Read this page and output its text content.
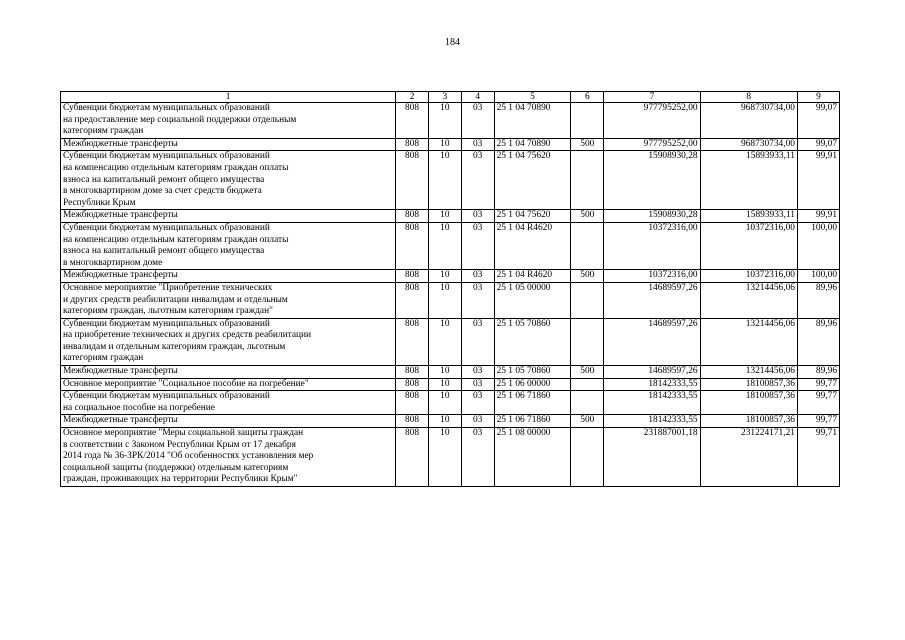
184
1	2	3	4	5	6	7	8	9
Субвенции бюджетам муниципальных образований
на предоставление мер социальной поддержки отдельным
категориям граждан	808	10	03	25 1 04 70890		977795252,00	968730734,00	99,07
Межбюджетные трансферты	808	10	03	25 1 04 70890	500	977795252,00	968730734,00	99,07
Субвенции бюджетам муниципальных образований
на компенсацию отдельным категориям граждан оплаты
взноса на капитальный ремонт общего имущества
в многоквартирном доме за счет средств бюджета
Республики Крым	808	10	03	25 1 04 75620		15908930,28	15893933,11	99,91
Межбюджетные трансферты	808	10	03	25 1 04 75620	500	15908930,28	15893933,11	99,91
Субвенции бюджетам муниципальных образований
на компенсацию отдельным категориям граждан оплаты
взноса на капитальный ремонт общего имущества
в многоквартирном доме	808	10	03	25 1 04 R4620		10372316,00	10372316,00	100,00
Межбюджетные трансферты	808	10	03	25 1 04 R4620	500	10372316,00	10372316,00	100,00
Основное мероприятие "Приобретение технических
и других средств реабилитации инвалидам и отдельным
категориям граждан, льготным категориям граждан"	808	10	03	25 1 05 00000		14689597,26	13214456,06	89,96
Субвенции бюджетам муниципальных образований
на приобретение технических и других средств реабилитации
инвалидам и отдельным категориям граждан, льготным
категориям граждан	808	10	03	25 1 05 70860		14689597,26	13214456,06	89,96
Межбюджетные трансферты	808	10	03	25 1 05 70860	500	14689597,26	13214456,06	89,96
Основное мероприятие "Социальное пособие на погребение"	808	10	03	25 1 06 00000		18142333,55	18100857,36	99,77
Субвенции бюджетам муниципальных образований
на социальное пособие на погребение	808	10	03	25 1 06 71860		18142333,55	18100857,36	99,77
Межбюджетные трансферты	808	10	03	25 1 06 71860	500	18142333,55	18100857,36	99,77
Основное мероприятие "Меры социальной защиты граждан
в соответствии с Законом Республики Крым от 17 декабря
2014 года № 36-ЗРК/2014 "Об особенностях установления мер
социальной защиты (поддержки) отдельным категориям
граждан, проживающих на территории Республики Крым"	808	10	03	25 1 08 00000		231887001,18	231224171,21	99,71
